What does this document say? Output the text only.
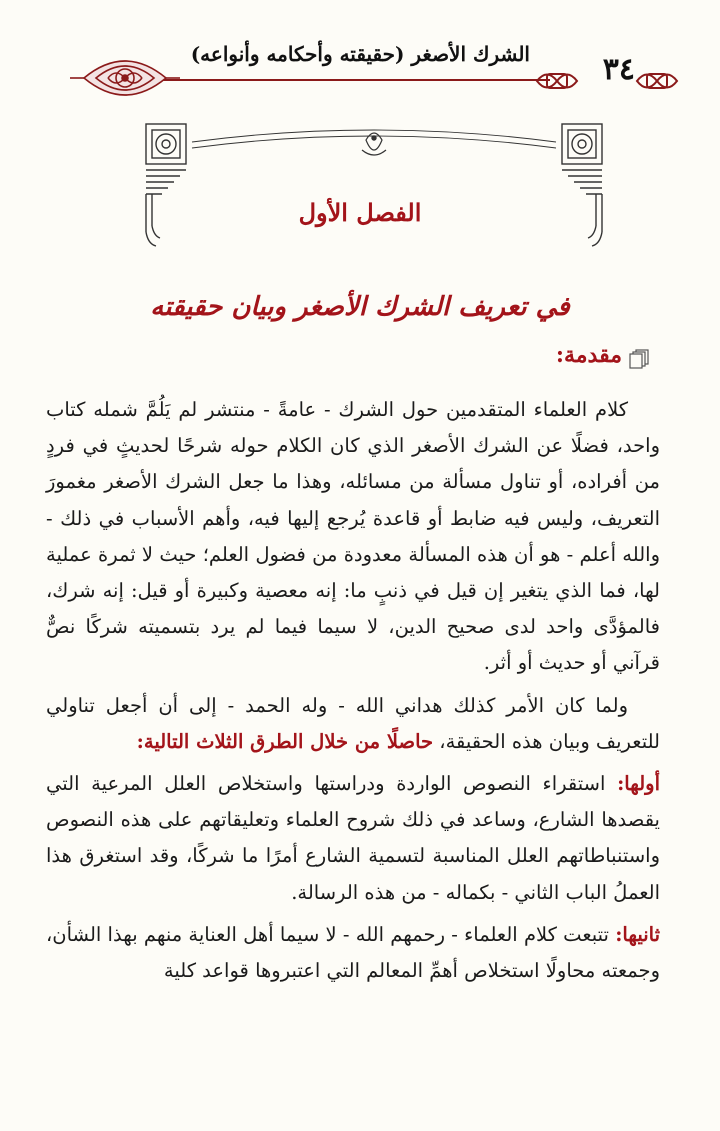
الشرك الأصغر (حقيقته وأحكامه وأنواعه) ٣٤
الفصل الأول
في تعريف الشرك الأصغر وبيان حقيقته
مقدمة:

كلام العلماء المتقدمين حول الشرك - عامةً - منتشر لم يَلُمَّ شمله كتاب واحد، فضلًا عن الشرك الأصغر الذي كان الكلام حوله شرحًا لحديثٍ في فردٍ من أفراده، أو تناول مسألة من مسائله، وهذا ما جعل الشرك الأصغر مغمورَ التعريف، وليس فيه ضابط أو قاعدة يُرجع إليها فيه، وأهم الأسباب في ذلك - والله أعلم - هو أن هذه المسألة معدودة من فضول العلم؛ حيث لا ثمرة عملية لها، فما الذي يتغير إن قيل في ذنبٍ ما: إنه معصية وكبيرة أو قيل: إنه شرك، فالمؤدَّى واحد لدى صحيح الدين، لا سيما فيما لم يرد بتسميته شركًا نصٌّ قرآني أو حديث أو أثر.

ولما كان الأمر كذلك هداني الله - وله الحمد - إلى أن أجعل تناولي للتعريف وبيان هذه الحقيقة، حاصلًا من خلال الطرق الثلاث التالية:

أولها: استقراء النصوص الواردة ودراستها واستخلاص العلل المرعية التي يقصدها الشارع، وساعد في ذلك شروح العلماء وتعليقاتهم على هذه النصوص واستنباطاتهم العلل المناسبة لتسمية الشارع أمرًا ما شركًا، وقد استغرق هذا العملُ الباب الثاني - بكماله - من هذه الرسالة.

ثانيها: تتبعت كلام العلماء - رحمهم الله - لا سيما أهل العناية منهم بهذا الشأن، وجمعته محاولًا استخلاص أهمِّ المعالم التي اعتبروها قواعد كلية
